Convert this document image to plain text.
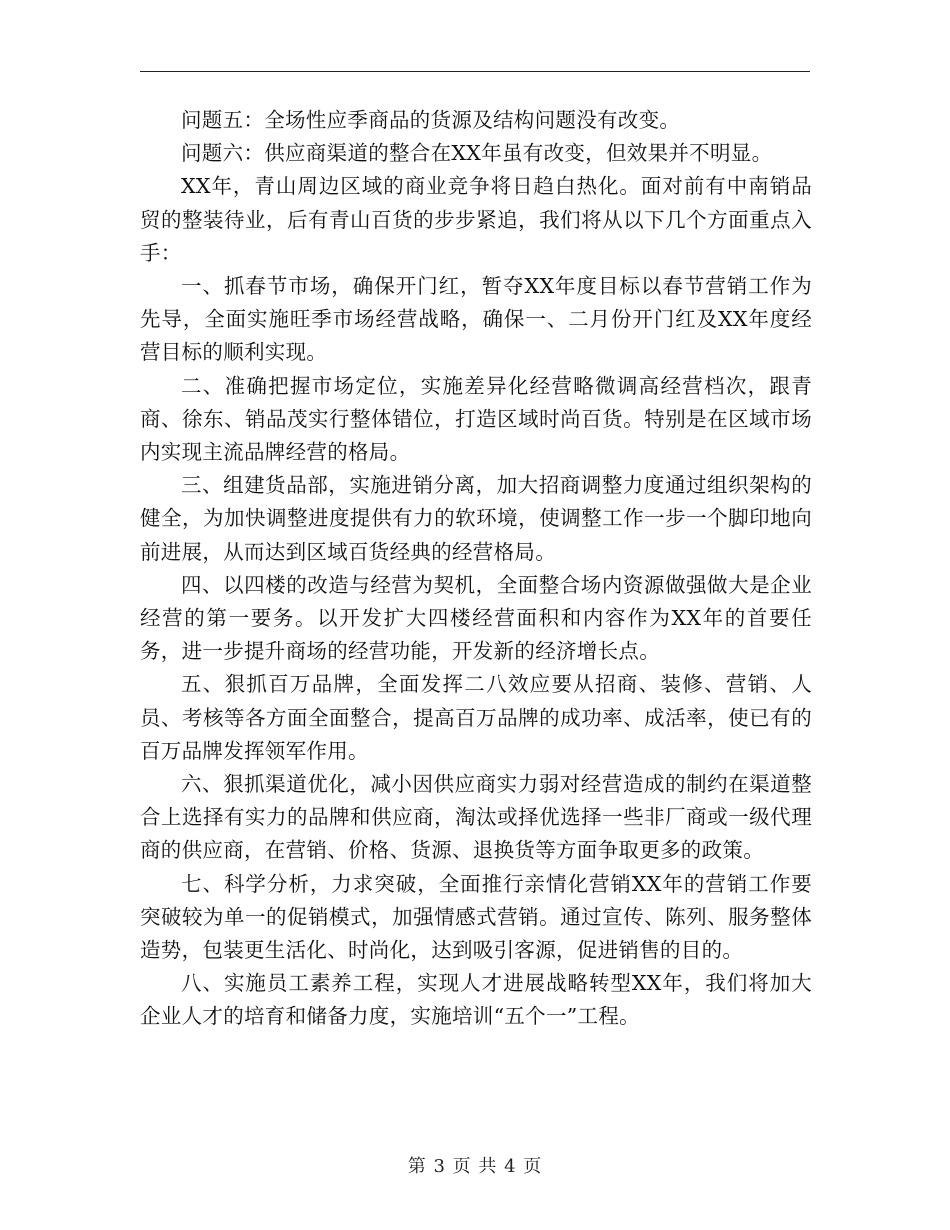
问题五：全场性应季商品的货源及结构问题没有改变。

问题六：供应商渠道的整合在XX年虽有改变，但效果并不明显。

XX年，青山周边区域的商业竞争将日趋白热化。面对前有中南销品贸的整装待业，后有青山百货的步步紧追，我们将从以下几个方面重点入手：

一、抓春节市场，确保开门红，暂夺XX年度目标以春节营销工作为先导，全面实施旺季市场经营战略，确保一、二月份开门红及XX年度经营目标的顺利实现。

二、准确把握市场定位，实施差异化经营略微调高经营档次，跟青商、徐东、销品茂实行整体错位，打造区域时尚百货。特别是在区域市场内实现主流品牌经营的格局。

三、组建货品部，实施进销分离，加大招商调整力度通过组织架构的健全，为加快调整进度提供有力的软环境，使调整工作一步一个脚印地向前进展，从而达到区域百货经典的经营格局。

四、以四楼的改造与经营为契机，全面整合场内资源做强做大是企业经营的第一要务。以开发扩大四楼经营面积和内容作为XX年的首要任务，进一步提升商场的经营功能，开发新的经济增长点。

五、狠抓百万品牌，全面发挥二八效应要从招商、装修、营销、人员、考核等各方面全面整合，提高百万品牌的成功率、成活率，使已有的百万品牌发挥领军作用。

六、狠抓渠道优化，减小因供应商实力弱对经营造成的制约在渠道整合上选择有实力的品牌和供应商，淘汰或择优选择一些非厂商或一级代理商的供应商，在营销、价格、货源、退换货等方面争取更多的政策。

七、科学分析，力求突破，全面推行亲情化营销XX年的营销工作要突破较为单一的促销模式，加强情感式营销。通过宣传、陈列、服务整体造势，包装更生活化、时尚化，达到吸引客源，促进销售的目的。

八、实施员工素养工程，实现人才进展战略转型XX年，我们将加大企业人才的培育和储备力度，实施培训“五个一”工程。

第 3 页 共 4 页
